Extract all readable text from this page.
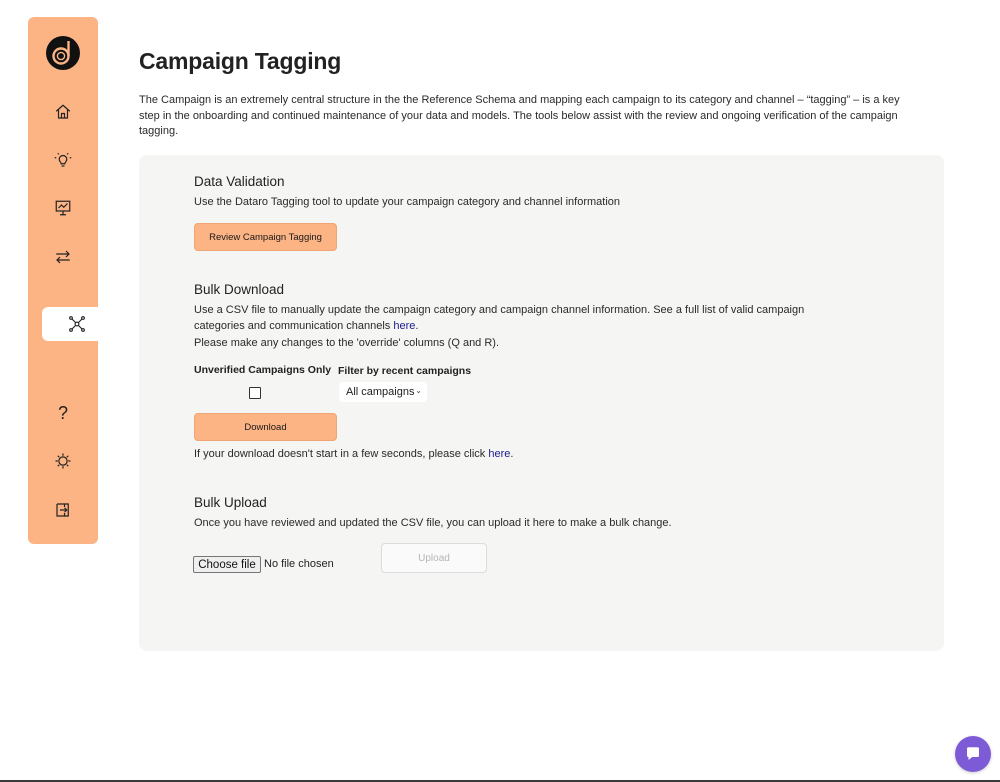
?
Campaign Tagging

The Campaign is an extremely central structure in the the Reference Schema and mapping each campaign to its category and channel – “tagging” – is a key step in the onboarding and continued maintenance of your data and models. The tools below assist with the review and ongoing verification of the campaign tagging.

Data Validation
Use the Dataro Tagging tool to update your campaign category and channel information
Review Campaign Tagging
Bulk Download
Use a CSV file to manually update the campaign category and campaign channel information. See a full list of valid campaign categories and communication channels here.
Please make any changes to the 'override' columns (Q and R).
Unverified Campaigns Only Filter by recent campaigns
All campaigns ⌄
Download
If your download doesn't start in a few seconds, please click here.
Bulk Upload
Once you have reviewed and updated the CSV file, you can upload it here to make a bulk change.
Choose file No file chosen	Upload
